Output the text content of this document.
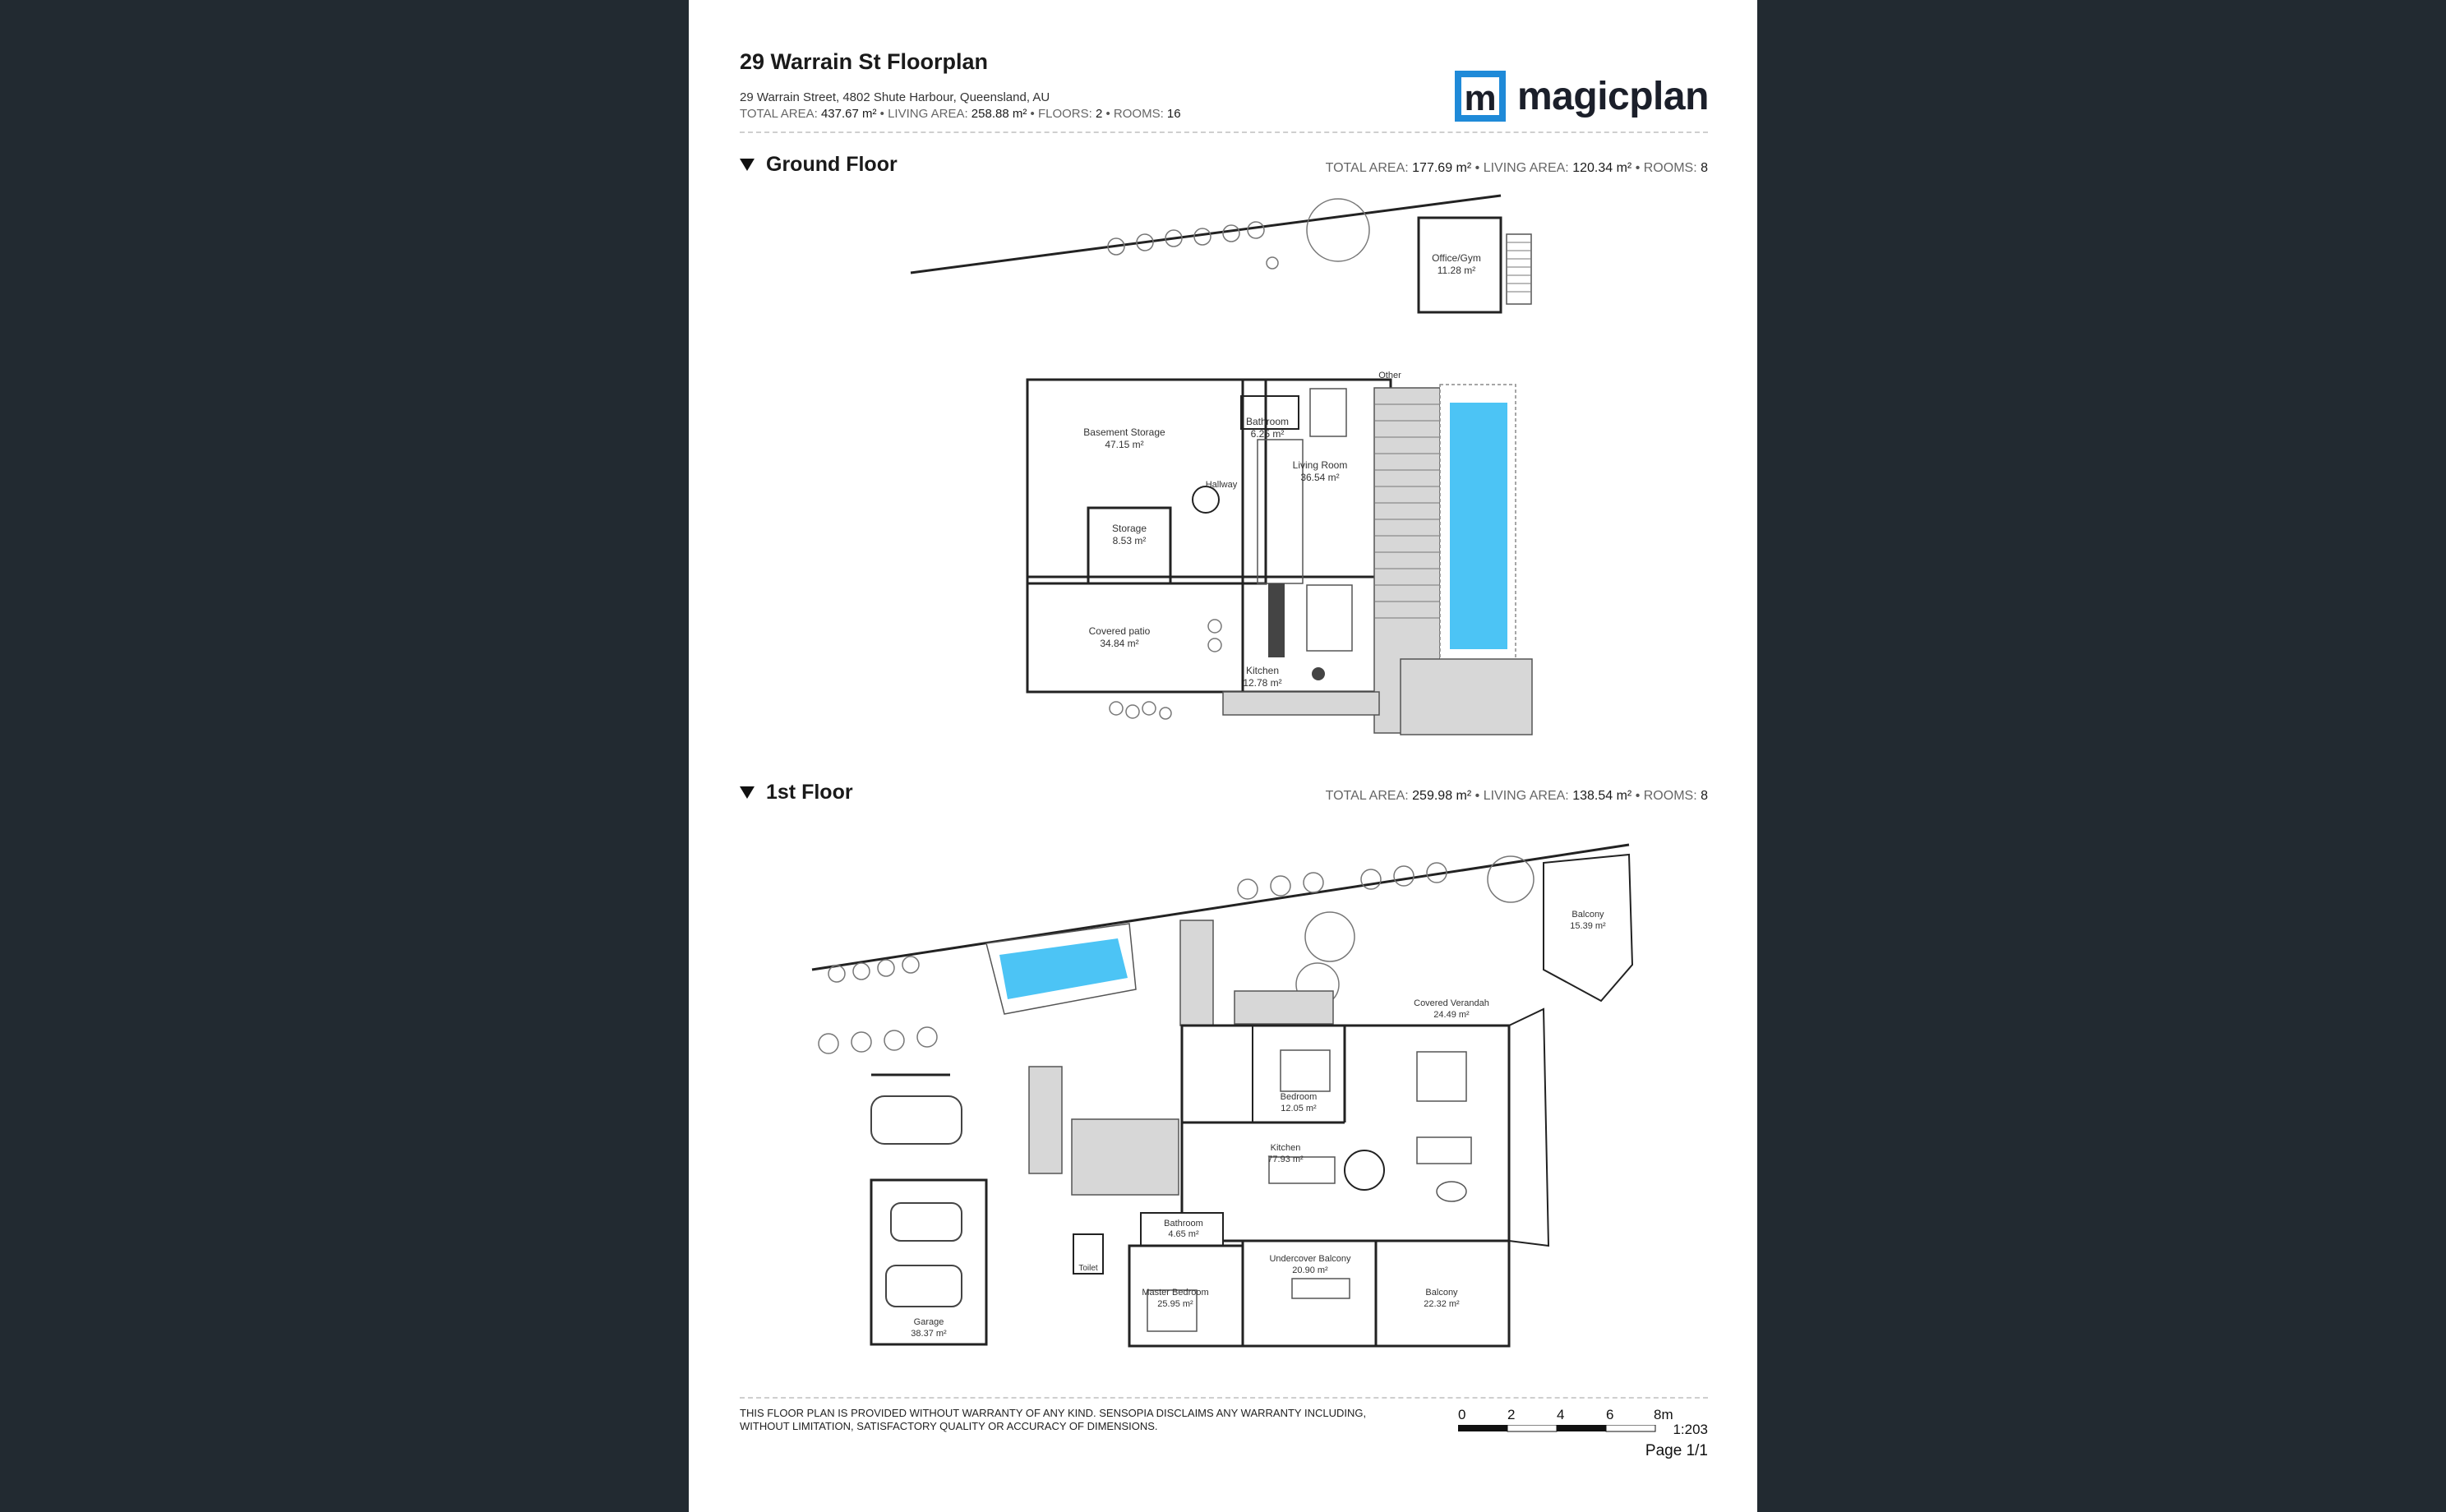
29 Warrain St Floorplan
29 Warrain Street, 4802 Shute Harbour, Queensland, AU
TOTAL AREA: 437.67 m² • LIVING AREA: 258.88 m² • FLOORS: 2 • ROOMS: 16	m magicplan
Ground Floor	TOTAL AREA: 177.69 m² • LIVING AREA: 120.34 m² • ROOMS: 8
Office/Gym
11.28 m²
Basement Storage
47.15 m²
Bathroom
6.25 m²
Living Room
36.54 m²
Storage
8.53 m²
Covered patio
34.84 m²
Kitchen
12.78 m²
Other
Hallway
1st Floor	TOTAL AREA: 259.98 m² • LIVING AREA: 138.54 m² • ROOMS: 8
Balcony
15.39 m²
Covered Verandah
24.49 m²
Bedroom
12.05 m²
Kitchen
77.93 m²
Bathroom
4.65 m²
Toilet
Master Bedroom
25.95 m²
Undercover Balcony
20.90 m²
Balcony
22.32 m²
Garage
38.37 m²
THIS FLOOR PLAN IS PROVIDED WITHOUT WARRANTY OF ANY KIND. SENSOPIA DISCLAIMS ANY WARRANTY INCLUDING, WITHOUT LIMITATION, SATISFACTORY QUALITY OR ACCURACY OF DIMENSIONS.
0	2	4	6	8m
1:203
Page 1/1
